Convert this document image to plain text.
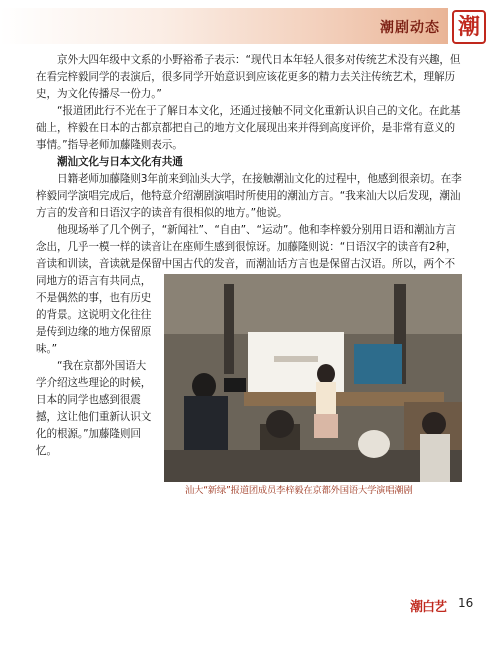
潮剧动态 潮

京外大四年级中文系的小野裕希子表示：“现代日本年轻人很多对传统艺术没有兴趣，但在看完梓毅同学的表演后，很多同学开始意识到应该花更多的精力去关注传统艺术，理解历史，为文化传播尽一份力。”

“报道团此行不光在于了解日本文化，还通过接触不同文化重新认识自己的文化。在此基础上，梓毅在日本的古都京都把自己的地方文化展现出来并得到高度评价，是非常有意义的事情。”指导老师加藤隆则表示。

潮汕文化与日本文化有共通

日籍老师加藤隆则3年前来到汕头大学，在接触潮汕文化的过程中，他感到很亲切。在李梓毅同学演唱完成后，他特意介绍潮剧演唱时所使用的潮汕方言。“我来汕大以后发现，潮汕方言的发音和日语汉字的读音有很相似的地方。”他说。

汕大“新绿”报道团成员李梓毅在京都外国语大学演唱潮剧
他现场举了几个例子，“新闻社”、“自由”、“运动”。他和李梓毅分别用日语和潮汕方言念出，几乎一模一样的读音让在座师生感到很惊讶。加藤隆则说：“日语汉字的读音有2种，音读和训读，音读就是保留中国古代的发音，而潮汕话方言也是保留古汉语。所以，两个不同地方的语言有共同点，不是偶然的事，也有历史的背景。这说明文化往往是传到边缘的地方保留原味。”

“我在京都外国语大学介绍这些理论的时候，日本的同学也感到很震撼，这让他们重新认识文化的根源。”加藤隆则回忆。

潮白艺 16
